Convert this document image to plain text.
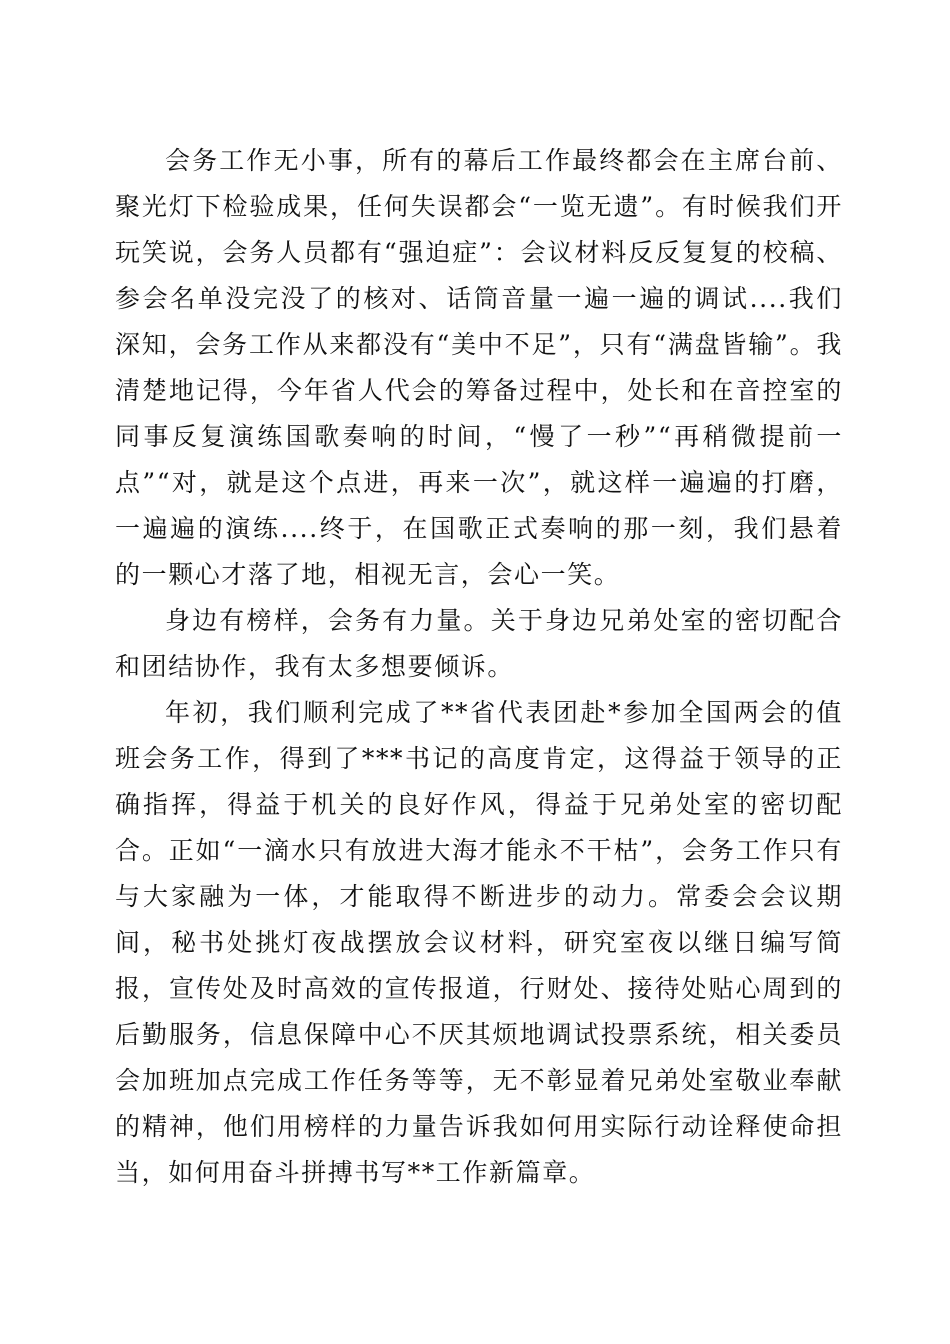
会务工作无小事，所有的幕后工作最终都会在主席台前、聚光灯下检验成果，任何失误都会“一览无遗”。有时候我们开玩笑说，会务人员都有“强迫症”：会议材料反反复复的校稿、参会名单没完没了的核对、话筒音量一遍一遍的调试....我们深知，会务工作从来都没有“美中不足”，只有“满盘皆输”。我清楚地记得，今年省人代会的筹备过程中，处长和在音控室的同事反复演练国歌奏响的时间，“慢了一秒”“再稍微提前一点”“对，就是这个点进，再来一次”，就这样一遍遍的打磨，一遍遍的演练....终于，在国歌正式奏响的那一刻，我们悬着的一颗心才落了地，相视无言，会心一笑。

身边有榜样，会务有力量。关于身边兄弟处室的密切配合和团结协作，我有太多想要倾诉。

年初，我们顺利完成了**省代表团赴*参加全国两会的值班会务工作，得到了***书记的高度肯定，这得益于领导的正确指挥，得益于机关的良好作风，得益于兄弟处室的密切配合。正如“一滴水只有放进大海才能永不干枯”，会务工作只有与大家融为一体，才能取得不断进步的动力。常委会会议期间，秘书处挑灯夜战摆放会议材料，研究室夜以继日编写简报，宣传处及时高效的宣传报道，行财处、接待处贴心周到的后勤服务，信息保障中心不厌其烦地调试投票系统，相关委员会加班加点完成工作任务等等，无不彰显着兄弟处室敬业奉献的精神，他们用榜样的力量告诉我如何用实际行动诠释使命担当，如何用奋斗拼搏书写**工作新篇章。
